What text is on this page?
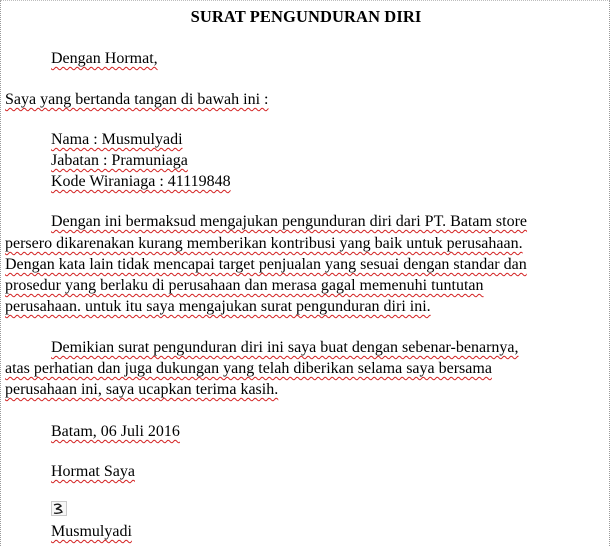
SURAT PENGUNDURAN DIRI
Dengan Hormat,
Saya yang bertanda tangan di bawah ini :
Nama : Musmulyadi
Jabatan : Pramuniaga
Kode Wiraniaga : 41119848
Dengan ini bermaksud mengajukan pengunduran diri dari PT. Batam store
persero dikarenakan kurang memberikan kontribusi yang baik untuk perusahaan.
Dengan kata lain tidak mencapai target penjualan yang sesuai dengan standar dan
prosedur yang berlaku di perusahaan dan merasa gagal memenuhi tuntutan
perusahaan. untuk itu saya mengajukan surat pengunduran diri ini.
Demikian surat pengunduran diri ini saya buat dengan sebenar-benarnya,
atas perhatian dan juga dukungan yang telah diberikan selama saya bersama
perusahaan ini, saya ucapkan terima kasih.
Batam, 06 Juli 2016
Hormat Saya
Musmulyadi
